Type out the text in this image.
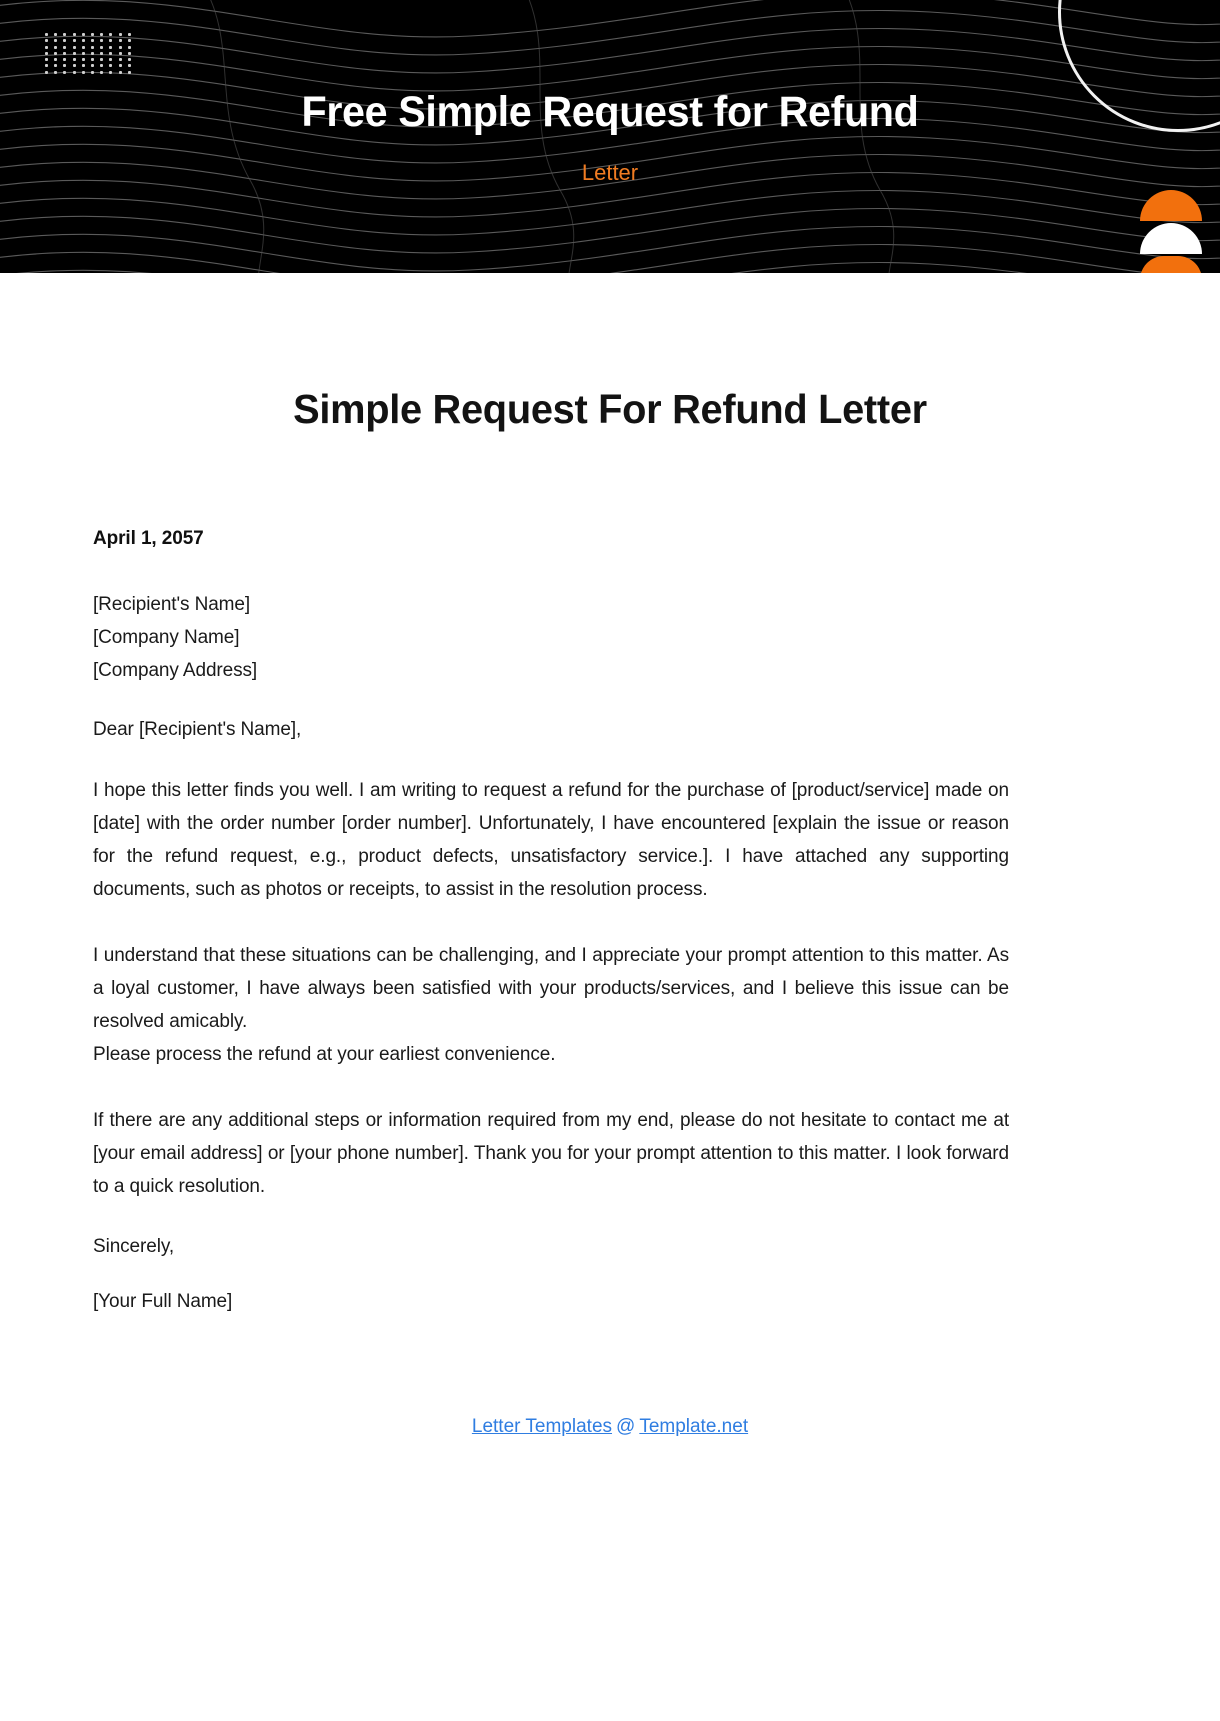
Free Simple Request for Refund
Letter
Simple Request For Refund Letter
April 1, 2057
[Recipient's Name]
[Company Name]
[Company Address]
Dear [Recipient's Name],

I hope this letter finds you well. I am writing to request a refund for the purchase of [product/service] made on [date] with the order number [order number]. Unfortunately, I have encountered [explain the issue or reason for the refund request, e.g., product defects, unsatisfactory service.]. I have attached any supporting documents, such as photos or receipts, to assist in the resolution process.

I understand that these situations can be challenging, and I appreciate your prompt attention to this matter. As a loyal customer, I have always been satisfied with your products/services, and I believe this issue can be resolved amicably.

Please process the refund at your earliest convenience.

If there are any additional steps or information required from my end, please do not hesitate to contact me at [your email address] or [your phone number]. Thank you for your prompt attention to this matter. I look forward to a quick resolution.

Sincerely,
[Your Full Name]
Letter Templates @ Template.net
